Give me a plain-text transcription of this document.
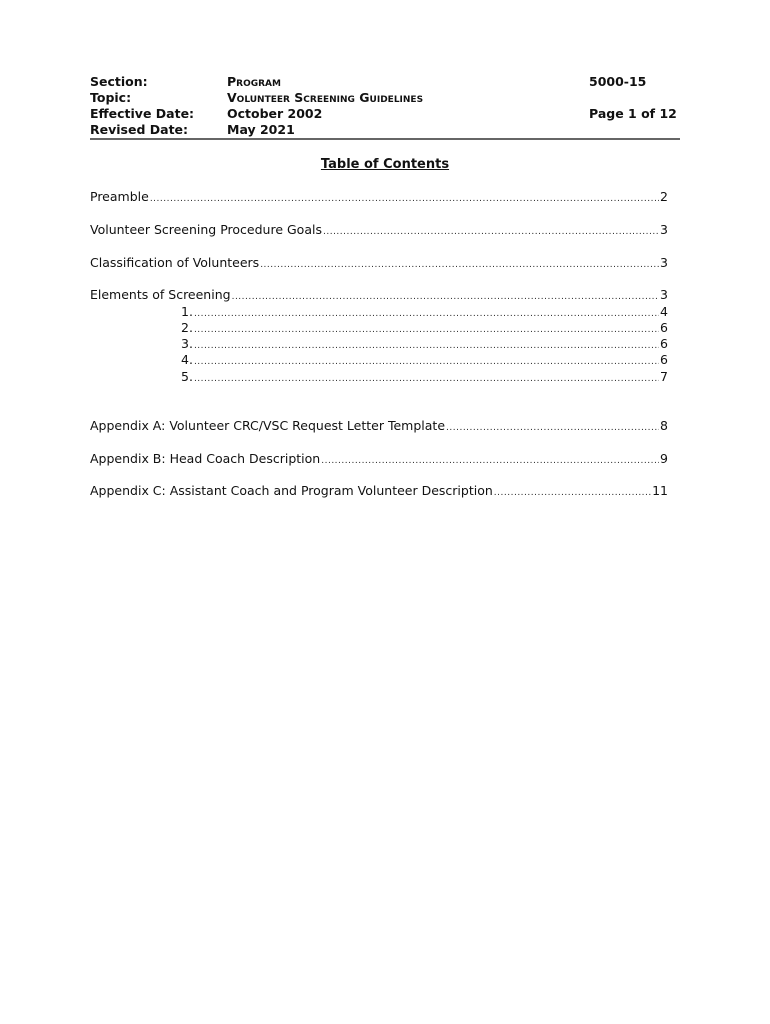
Section:	Program	5000-15
Topic:	Volunteer Screening Guidelines
Effective Date:	October 2002	Page 1 of 12
Revised Date:	May 2021
Table of Contents
Preamble .....	2
Volunteer Screening Procedure Goals .....	3
Classification of Volunteers .....	3
Elements of Screening .....	3
1. .....	4
2. .....	6
3. .....	6
4. .....	6
5. .....	7
Appendix A: Volunteer CRC/VSC Request Letter Template .....	8
Appendix B: Head Coach Description .....	9
Appendix C: Assistant Coach and Program Volunteer Description .....	11
